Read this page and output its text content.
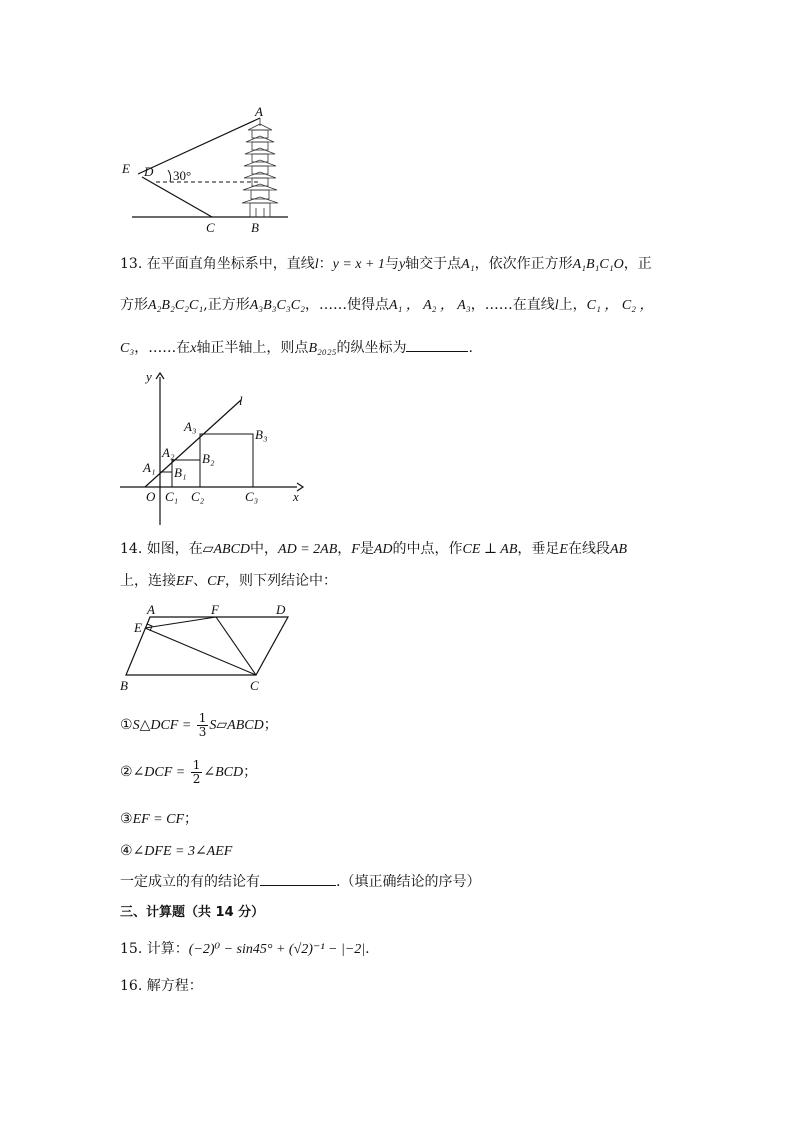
A
E D 30°
C	B
13. 在平面直角坐标系中，直线l：y = x + 1与y轴交于点A₁，依次作正方形A₁B₁C₁O，正
方形A₂B₂C₂C₁,正方形A₃B₃C₃C₂，……使得点A₁ ， A₂ ， A₃，……在直线l上，C₁ ， C₂ ，
C₃，……在x轴正半轴上，则点B₂₀₂₅的纵坐标为	.
y
x
l
O
A₁
A₂
A₃
B₁
B₂
B₃
C₁ C₂	C₃
14. 如图，在▱ABCD中，AD = 2AB，F是AD的中点，作CE ⊥ AB，垂足E在线段AB
上，连接EF、CF，则下列结论中：
A	F	D
E
B	C
①S△DCF = $\frac{1}{3}$ S▱ABCD；
②∠DCF = $\frac{1}{2}$ ∠BCD；
③EF = CF；
④∠DFE = 3∠AEF
一定成立的有的结论有	.（填正确结论的序号）
三、计算题（共 14 分）
15. 计算：(−2)⁰ − sin45° + (√2)⁻¹ − |−2|.
16. 解方程：
